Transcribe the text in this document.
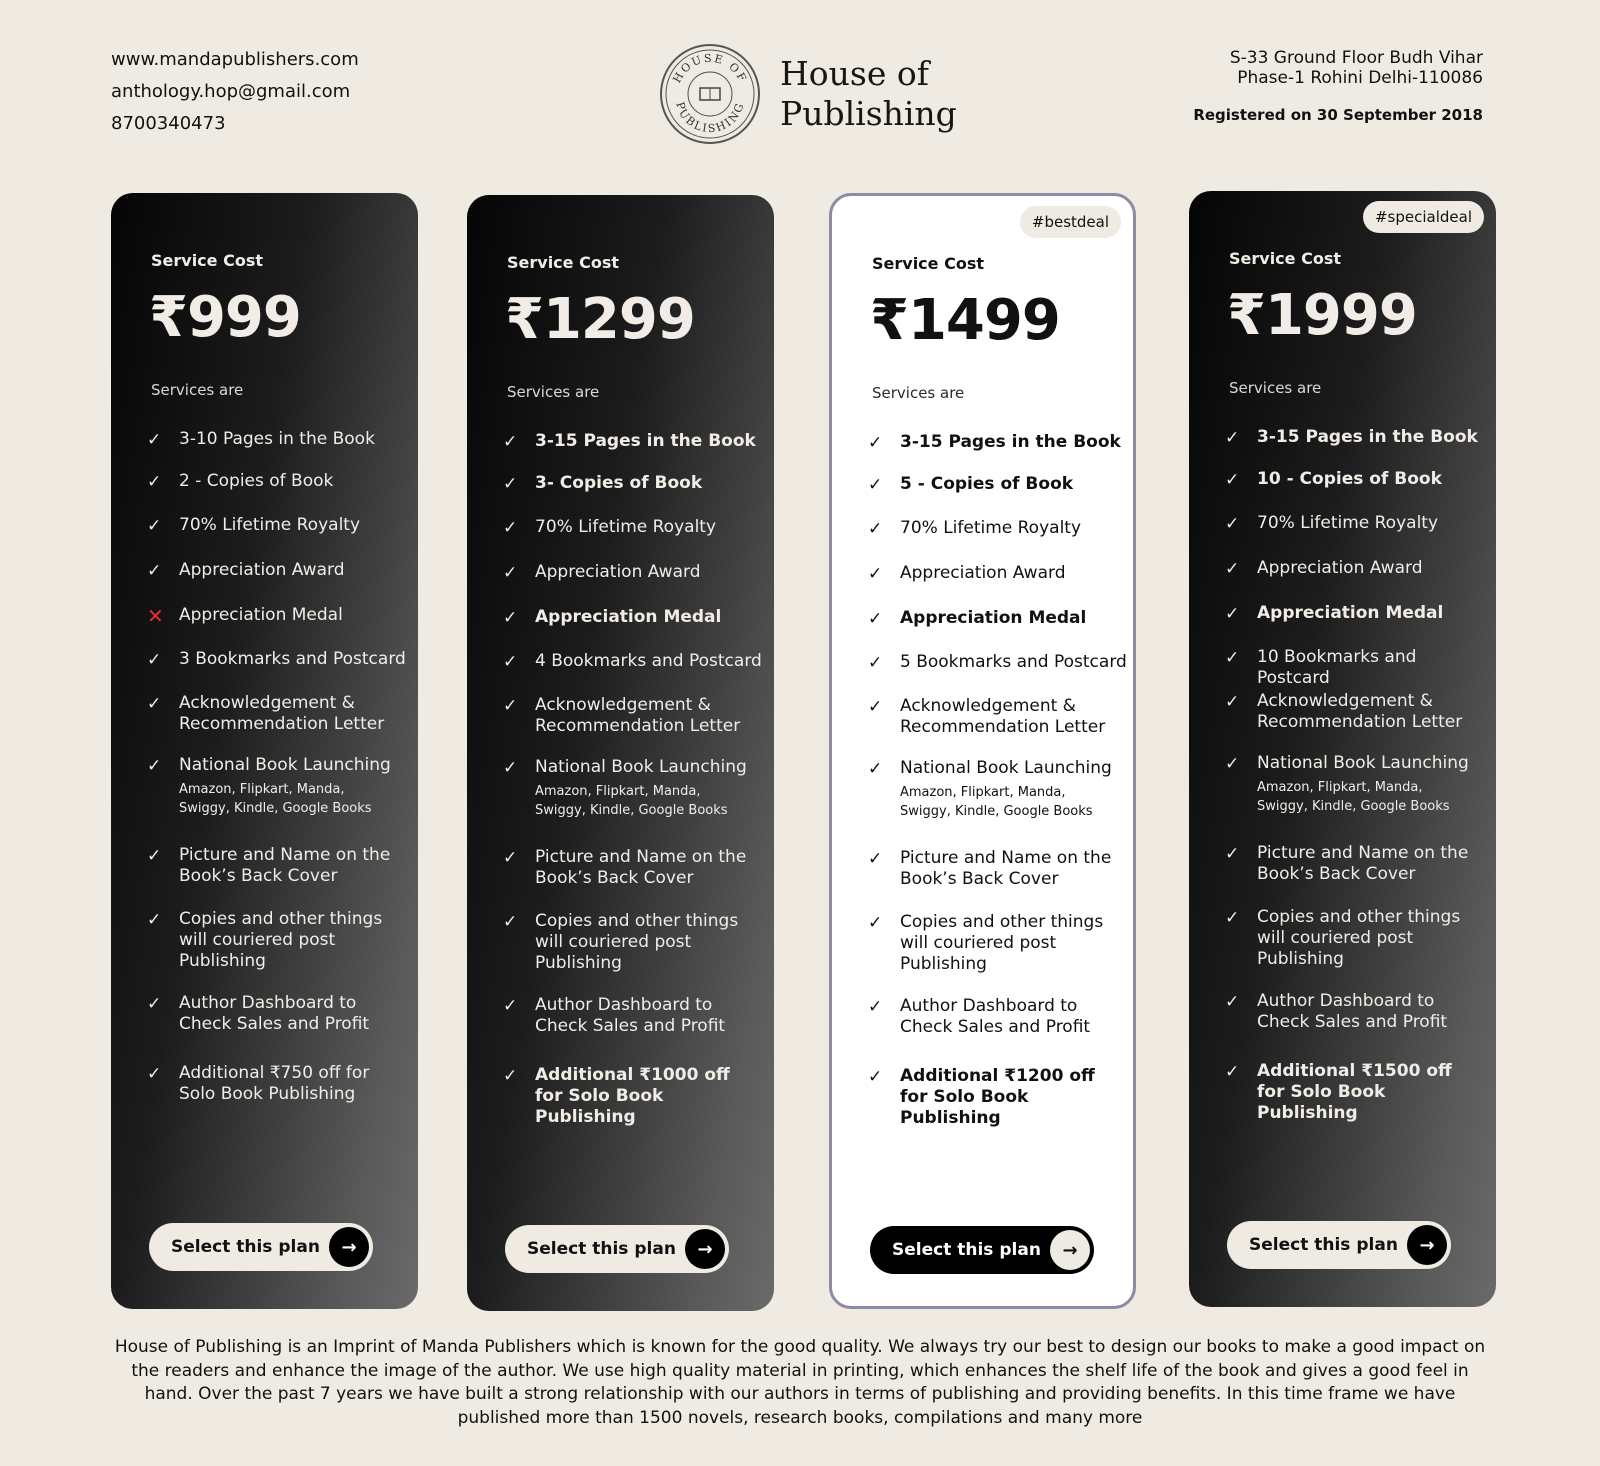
www.mandapublishers.com
anthology.hop@gmail.com
8700340473
HOUSE OF
PUBLISHING
House of
Publishing
S-33 Ground Floor Budh Vihar
Phase-1 Rohini Delhi-110086
Registered on 30 September 2018
Service Cost
₹999
Services are
✓	3-10 Pages in the Book
✓	2 - Copies of Book
✓	70% Lifetime Royalty
✓	Appreciation Award
✕ Appreciation Medal
✓	3 Bookmarks and Postcard
✓	Acknowledgement & Recommendation Letter
✓	National Book Launching
Amazon, Flipkart, Manda, Swiggy, Kindle, Google Books
✓	Picture and Name on the Book’s Back Cover
✓	Copies and other things will couriered post Publishing
✓	Author Dashboard to Check Sales and Profit
✓	Additional ₹750 off for Solo Book Publishing
Select this plan	→
Service Cost
₹1299
Services are
✓	3-15 Pages in the Book
✓	3- Copies of Book
✓	70% Lifetime Royalty
✓	Appreciation Award
✓	Appreciation Medal
✓	4 Bookmarks and Postcard
✓	Acknowledgement & Recommendation Letter
✓	National Book Launching
Amazon, Flipkart, Manda, Swiggy, Kindle, Google Books
✓	Picture and Name on the Book’s Back Cover
✓	Copies and other things will couriered post Publishing
✓	Author Dashboard to Check Sales and Profit
✓	Additional ₹1000 off for Solo Book Publishing
Select this plan	→
#bestdeal
Service Cost
₹1499
Services are
✓	3-15 Pages in the Book
✓	5 - Copies of Book
✓	70% Lifetime Royalty
✓	Appreciation Award
✓	Appreciation Medal
✓	5 Bookmarks and Postcard
✓	Acknowledgement & Recommendation Letter
✓	National Book Launching
Amazon, Flipkart, Manda, Swiggy, Kindle, Google Books
✓	Picture and Name on the Book’s Back Cover
✓	Copies and other things will couriered post Publishing
✓	Author Dashboard to Check Sales and Profit
✓	Additional ₹1200 off for Solo Book Publishing
Select this plan	→
#specialdeal
Service Cost
₹1999
Services are
✓	3-15 Pages in the Book
✓	10 - Copies of Book
✓	70% Lifetime Royalty
✓	Appreciation Award
✓	Appreciation Medal
✓	10 Bookmarks and Postcard
✓	Acknowledgement & Recommendation Letter
✓	National Book Launching
Amazon, Flipkart, Manda, Swiggy, Kindle, Google Books
✓	Picture and Name on the Book’s Back Cover
✓	Copies and other things will couriered post Publishing
✓	Author Dashboard to Check Sales and Profit
✓	Additional ₹1500 off for Solo Book Publishing
Select this plan	→
House of Publishing is an Imprint of Manda Publishers which is known for the good quality. We always try our best to design our books to make a good impact on the readers and enhance the image of the author. We use high quality material in printing, which enhances the shelf life of the book and gives a good feel in hand. Over the past 7 years we have built a strong relationship with our authors in terms of publishing and providing benefits. In this time frame we have published more than 1500 novels, research books, compilations and many more
